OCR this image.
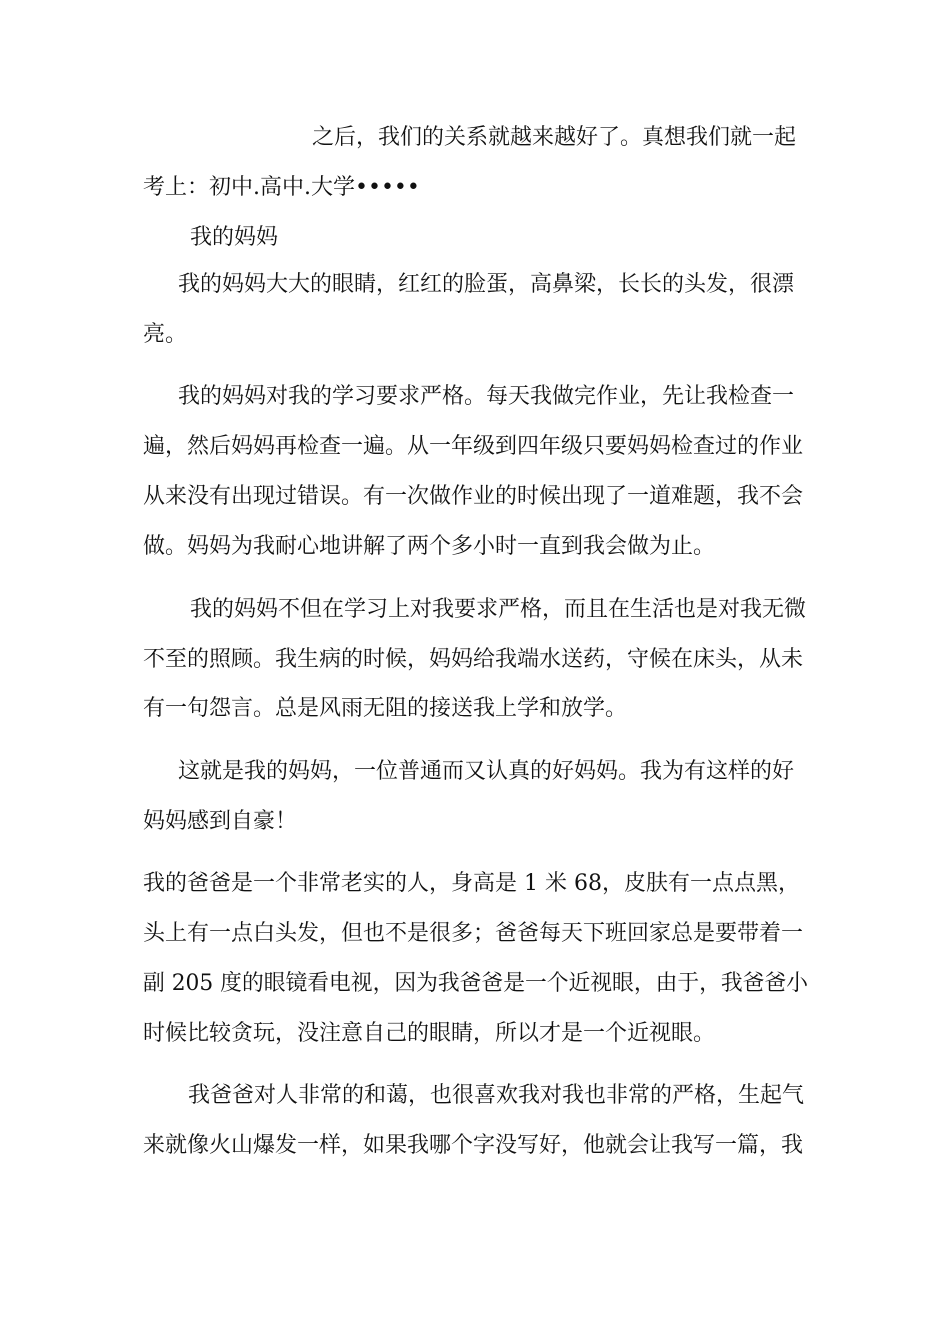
之后，我们的关系就越来越好了。真想我们就一起

考上：初中.高中.大学•••••

我的妈妈

我的妈妈大大的眼睛，红红的脸蛋，高鼻梁，长长的头发，很漂

亮。

我的妈妈对我的学习要求严格。每天我做完作业，先让我检查一

遍，然后妈妈再检查一遍。从一年级到四年级只要妈妈检查过的作业

从来没有出现过错误。有一次做作业的时候出现了一道难题，我不会

做。妈妈为我耐心地讲解了两个多小时一直到我会做为止。

我的妈妈不但在学习上对我要求严格，而且在生活也是对我无微

不至的照顾。我生病的时候，妈妈给我端水送药，守候在床头，从未

有一句怨言。总是风雨无阻的接送我上学和放学。

这就是我的妈妈，一位普通而又认真的好妈妈。我为有这样的好

妈妈感到自豪！

我的爸爸是一个非常老实的人，身高是 1 米 68，皮肤有一点点黑，

头上有一点白头发，但也不是很多；爸爸每天下班回家总是要带着一

副 205 度的眼镜看电视，因为我爸爸是一个近视眼，由于，我爸爸小

时候比较贪玩，没注意自己的眼睛，所以才是一个近视眼。

我爸爸对人非常的和蔼，也很喜欢我对我也非常的严格，生起气

来就像火山爆发一样，如果我哪个字没写好，他就会让我写一篇，我
